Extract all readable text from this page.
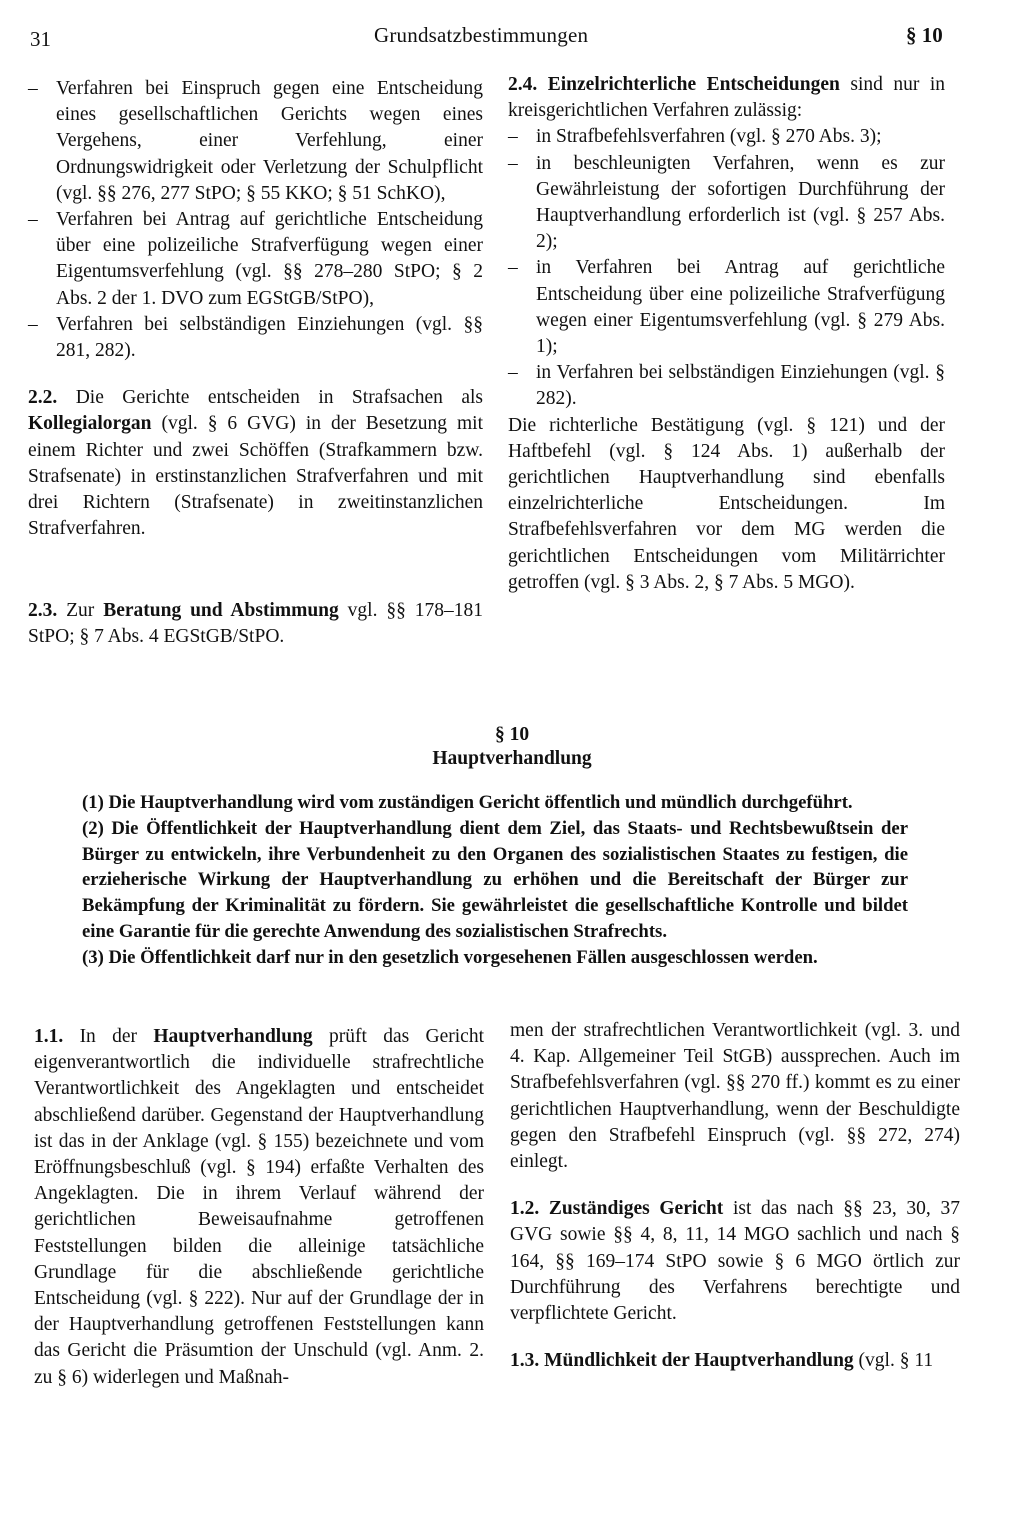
31	Grundsatzbestimmungen	§ 10
– Verfahren bei Einspruch gegen eine Entscheidung eines gesellschaftlichen Gerichts wegen eines Vergehens, einer Verfehlung, einer Ordnungswidrigkeit oder Verletzung der Schulpflicht (vgl. §§ 276, 277 StPO; § 55 KKO; § 51 SchKO),
– Verfahren bei Antrag auf gerichtliche Entscheidung über eine polizeiliche Strafverfügung wegen einer Eigentumsverfehlung (vgl. §§ 278–280 StPO; § 2 Abs. 2 der 1. DVO zum EGStGB/StPO),
– Verfahren bei selbständigen Einziehungen (vgl. §§ 281, 282).

2.2. Die Gerichte entscheiden in Strafsachen als Kollegialorgan (vgl. § 6 GVG) in der Besetzung mit einem Richter und zwei Schöffen (Strafkammern bzw. Strafsenate) in erstinstanzlichen Strafverfahren und mit drei Richtern (Strafsenate) in zweitinstanzlichen Strafverfahren.

2.3. Zur Beratung und Abstimmung vgl. §§ 178–181 StPO; § 7 Abs. 4 EGStGB/StPO.

2.4. Einzelrichterliche Entscheidungen sind nur in kreisgerichtlichen Verfahren zulässig:

– in Strafbefehlsverfahren (vgl. § 270 Abs. 3);
– in beschleunigten Verfahren, wenn es zur Gewährleistung der sofortigen Durchführung der Hauptverhandlung erforderlich ist (vgl. § 257 Abs. 2);
– in Verfahren bei Antrag auf gerichtliche Entscheidung über eine polizeiliche Strafverfügung wegen einer Eigentumsverfehlung (vgl. § 279 Abs. 1);
– in Verfahren bei selbständigen Einziehungen (vgl. § 282).

Die richterliche Bestätigung (vgl. § 121) und der Haftbefehl (vgl. § 124 Abs. 1) außerhalb der gerichtlichen Hauptverhandlung sind ebenfalls einzelrichterliche Entscheidungen. Im Strafbefehlsverfahren vor dem MG werden die gerichtlichen Entscheidungen vom Militärrichter getroffen (vgl. § 3 Abs. 2, § 7 Abs. 5 MGO).

§ 10
Hauptverhandlung

(1) Die Hauptverhandlung wird vom zuständigen Gericht öffentlich und mündlich durchgeführt.

(2) Die Öffentlichkeit der Hauptverhandlung dient dem Ziel, das Staats- und Rechtsbewußtsein der Bürger zu entwickeln, ihre Verbundenheit zu den Organen des sozialistischen Staates zu festigen, die erzieherische Wirkung der Hauptverhandlung zu erhöhen und die Bereitschaft der Bürger zur Bekämpfung der Kriminalität zu fördern. Sie gewährleistet die gesellschaftliche Kontrolle und bildet eine Garantie für die gerechte Anwendung des sozialistischen Strafrechts.

(3) Die Öffentlichkeit darf nur in den gesetzlich vorgesehenen Fällen ausgeschlossen werden.

1.1. In der Hauptverhandlung prüft das Gericht eigenverantwortlich die individuelle strafrechtliche Verantwortlichkeit des Angeklagten und entscheidet abschließend darüber. Gegenstand der Hauptverhandlung ist das in der Anklage (vgl. § 155) bezeichnete und vom Eröffnungsbeschluß (vgl. § 194) erfaßte Verhalten des Angeklagten. Die in ihrem Verlauf während der gerichtlichen Beweisaufnahme getroffenen Feststellungen bilden die alleinige tatsächliche Grundlage für die abschließende gerichtliche Entscheidung (vgl. § 222). Nur auf der Grundlage der in der Hauptverhandlung getroffenen Feststellungen kann das Gericht die Präsumtion der Unschuld (vgl. Anm. 2. zu § 6) widerlegen und Maßnah-

men der strafrechtlichen Verantwortlichkeit (vgl. 3. und 4. Kap. Allgemeiner Teil StGB) aussprechen. Auch im Strafbefehlsverfahren (vgl. §§ 270 ff.) kommt es zu einer gerichtlichen Hauptverhandlung, wenn der Beschuldigte gegen den Strafbefehl Einspruch (vgl. §§ 272, 274) einlegt.

1.2. Zuständiges Gericht ist das nach §§ 23, 30, 37 GVG sowie §§ 4, 8, 11, 14 MGO sachlich und nach § 164, §§ 169–174 StPO sowie § 6 MGO örtlich zur Durchführung des Verfahrens berechtigte und verpflichtete Gericht.

1.3. Mündlichkeit der Hauptverhandlung (vgl. § 11
